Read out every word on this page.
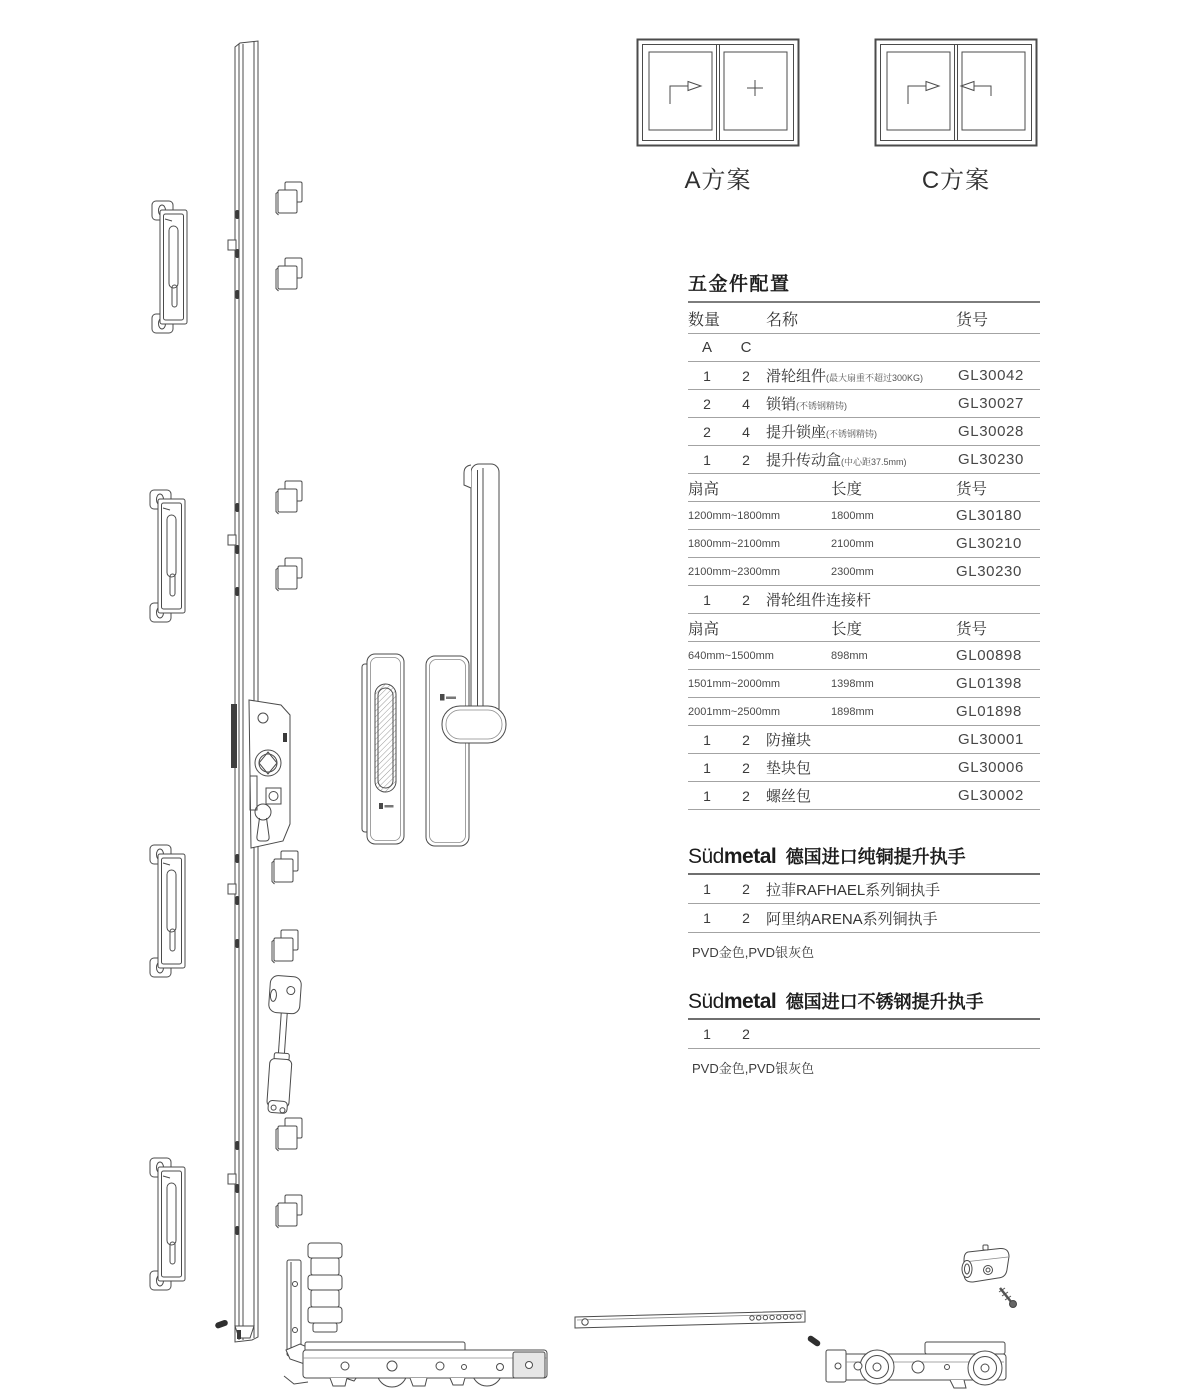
A方案	C方案
五金件配置
数量	名称	货号
A	C
1	2	滑轮组件(最大扇重不超过300KG)	GL30042
2	4	锁销(不锈钢精铸)	GL30027
2	4	提升锁座(不锈钢精铸)	GL30028
1	2	提升传动盒(中心距37.5mm)	GL30230
扇高	长度	货号
1200mm~1800mm	1800mm	GL30180
1800mm~2100mm	2100mm	GL30210
2100mm~2300mm	2300mm	GL30230
1	2	滑轮组件连接杆
扇高	长度	货号
640mm~1500mm	898mm	GL00898
1501mm~2000mm	1398mm	GL01398
2001mm~2500mm	1898mm	GL01898
1	2	防撞块	GL30001
1	2	垫块包	GL30006
1	2	螺丝包	GL30002
Südmetal 德国进口纯铜提升执手
1	2	拉菲RAFHAEL系列铜执手
1	2	阿里纳ARENA系列铜执手
PVD金色,PVD银灰色
Südmetal 德国进口不锈钢提升执手
1	2
PVD金色,PVD银灰色
